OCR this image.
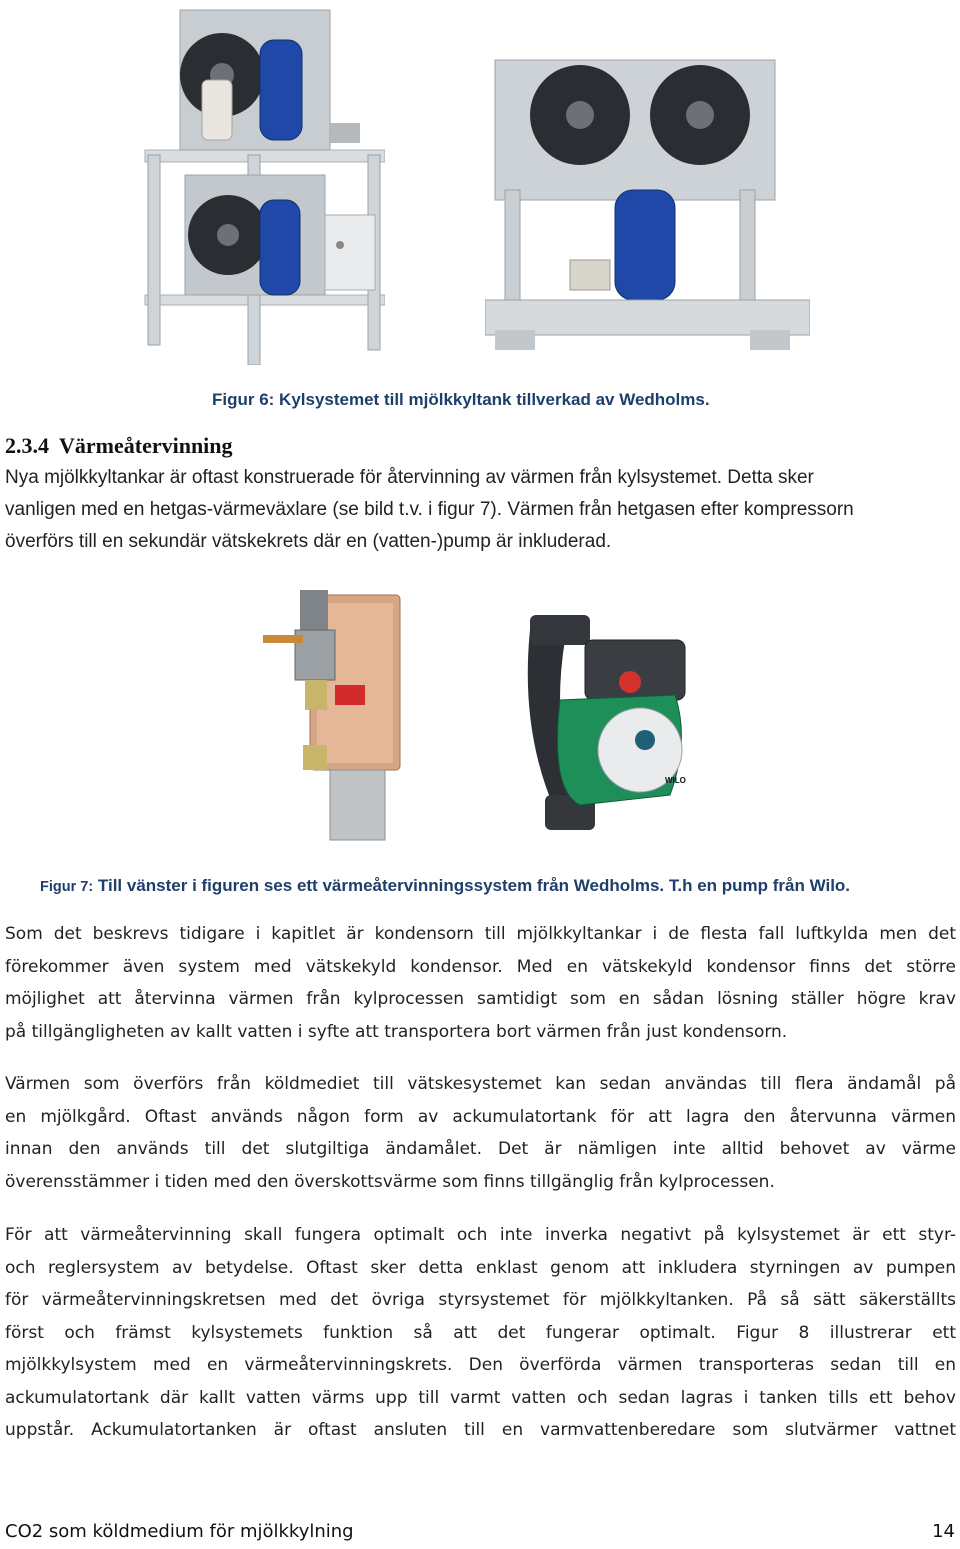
Figur 6: Kylsystemet till mjölkkyltank tillverkad av Wedholms.
2.3.4 Värmeåtervinning
Nya mjölkkyltankar är oftast konstruerade för återvinning av värmen från kylsystemet. Detta sker
vanligen med en hetgas-värmeväxlare (se bild t.v. i figur 7). Värmen från hetgasen efter kompressorn
överförs till en sekundär vätskekrets där en (vatten-)pump är inkluderad.
WILO
Figur 7: Till vänster i figuren ses ett värmeåtervinningssystem från Wedholms. T.h en pump från Wilo.
Som det beskrevs tidigare i kapitlet är kondensorn till mjölkkyltankar i de flesta fall luftkylda men det
förekommer även system med vätskekyld kondensor. Med en vätskekyld kondensor finns det större
möjlighet att återvinna värmen från kylprocessen samtidigt som en sådan lösning ställer högre krav
på tillgängligheten av kallt vatten i syfte att transportera bort värmen från just kondensorn.
Värmen som överförs från köldmediet till vätskesystemet kan sedan användas till flera ändamål på
en mjölkgård. Oftast används någon form av ackumulatortank för att lagra den återvunna värmen
innan den används till det slutgiltiga ändamålet. Det är nämligen inte alltid behovet av värme
överensstämmer i tiden med den överskottsvärme som finns tillgänglig från kylprocessen.
För att värmeåtervinning skall fungera optimalt och inte inverka negativt på kylsystemet är ett styr-
och reglersystem av betydelse. Oftast sker detta enklast genom att inkludera styrningen av pumpen
för värmeåtervinningskretsen med det övriga styrsystemet för mjölkkyltanken. På så sätt säkerställts
först och främst kylsystemets funktion så att det fungerar optimalt. Figur 8 illustrerar ett
mjölkkylsystem med en värmeåtervinningskrets. Den överförda värmen transporteras sedan till en
ackumulatortank där kallt vatten värms upp till varmt vatten och sedan lagras i tanken tills ett behov
uppstår. Ackumulatortanken är oftast ansluten till en varmvattenberedare som slutvärmer vattnet
CO2 som köldmedium för mjölkkylning	14
